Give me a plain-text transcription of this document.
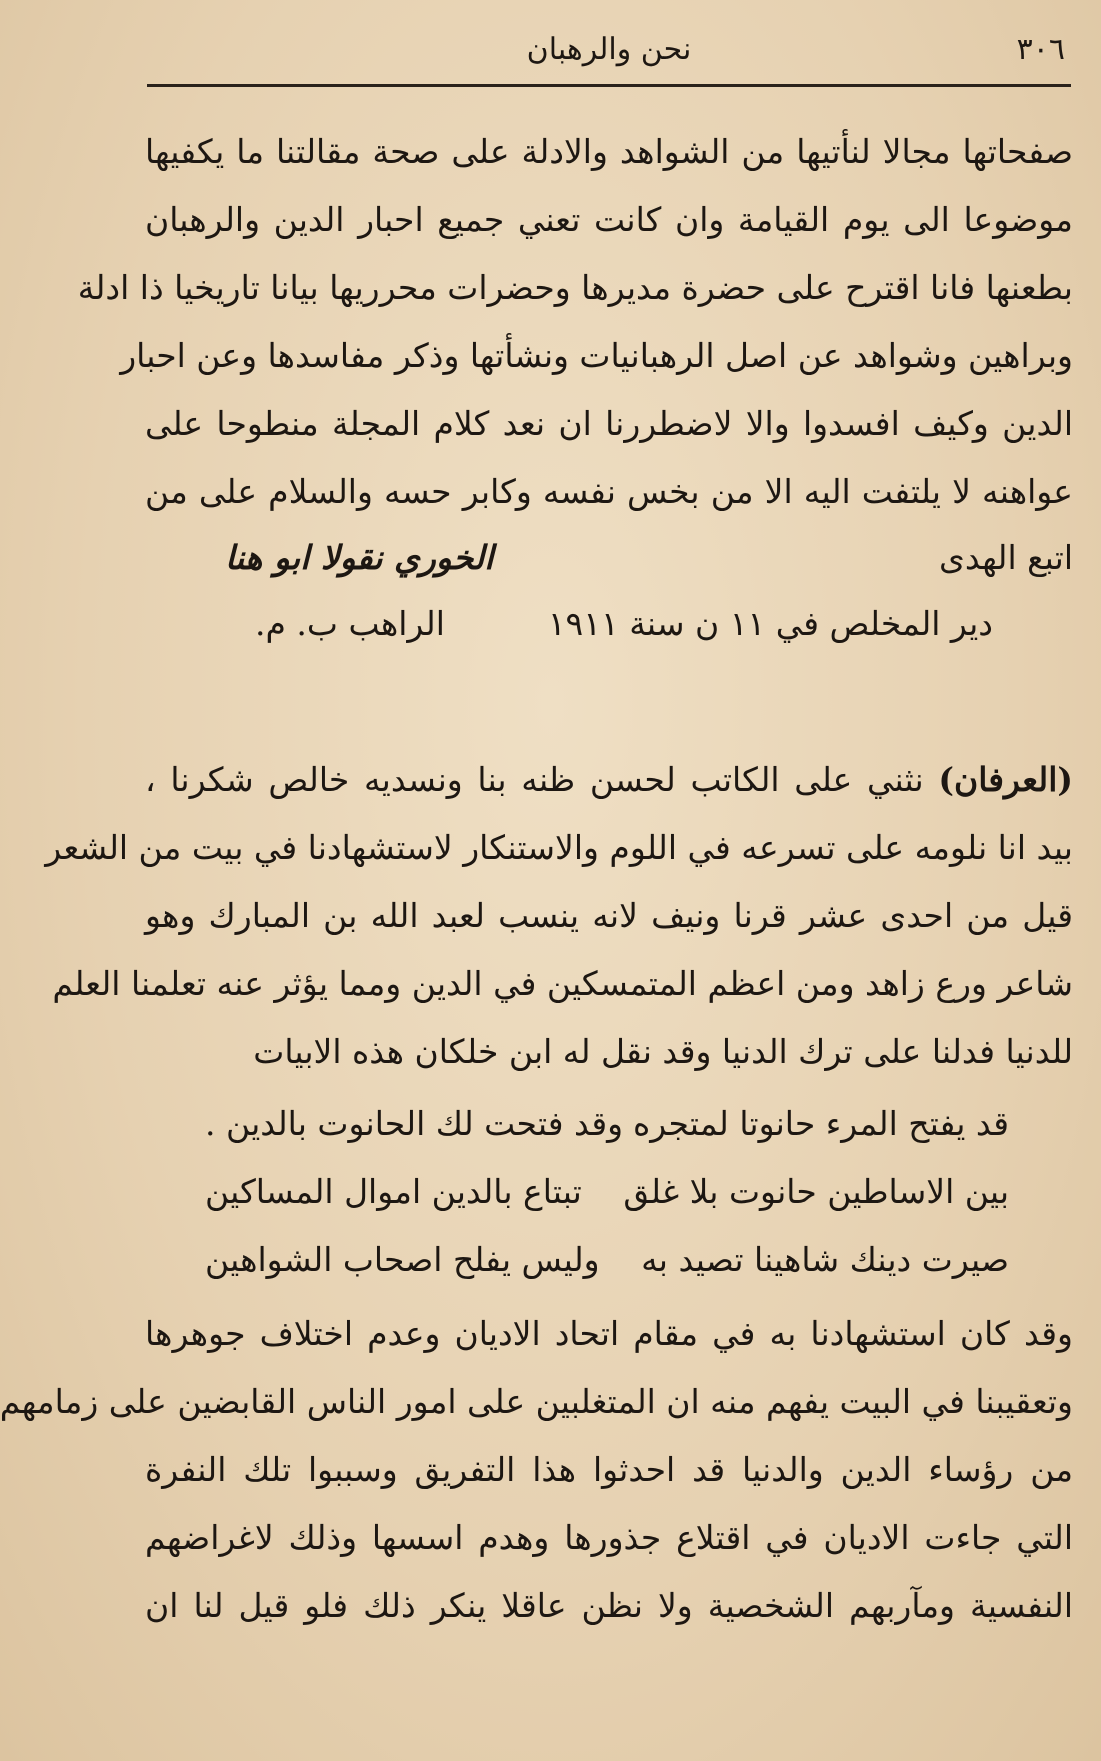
٣٠٦
نحن والرهبان
صفحاتها مجالا لنأتيها من الشواهد والادلة على صحة مقالتنا ما يكفيها
موضوعا الى يوم القيامة وان كانت تعني جميع احبار الدين والرهبان
بطعنها فانا اقترح على حضرة مديرها وحضرات محرريها بيانا تاريخيا ذا ادلة
وبراهين وشواهد عن اصل الرهبانيات ونشأتها وذكر مفاسدها وعن احبار
الدين وكيف افسدوا والا لاضطررنا ان نعد كلام المجلة منطوحا على
عواهنه لا يلتفت اليه الا من بخس نفسه وكابر حسه والسلام على من
اتبع الهدى
الخوري نقولا ابو هنا
دير المخلص في ١١ ن سنة ١٩١١
الراهب ب. م.
(العرفان) نثني على الكاتب لحسن ظنه بنا ونسديه خالص شكرنا ،
بيد انا نلومه على تسرعه في اللوم والاستنكار لاستشهادنا في بيت من الشعر
قيل من احدى عشر قرنا ونيف لانه ينسب لعبد الله بن المبارك وهو
شاعر ورع زاهد ومن اعظم المتمسكين في الدين ومما يؤثر عنه تعلمنا العلم
للدنيا فدلنا على ترك الدنيا وقد نقل له ابن خلكان هذه الابيات
قد يفتح المرء حانوتا لمتجره
وقد فتحت لك الحانوت بالدين .
بين الاساطين حانوت بلا غلق
تبتاع بالدين اموال المساكين
صيرت دينك شاهينا تصيد به
وليس يفلح اصحاب الشواهين
وقد كان استشهادنا به في مقام اتحاد الاديان وعدم اختلاف جوهرها
وتعقيبنا في البيت يفهم منه ان المتغلبين على امور الناس القابضين على زمامهم
من رؤساء الدين والدنيا قد احدثوا هذا التفريق وسببوا تلك النفرة
التي جاءت الاديان في اقتلاع جذورها وهدم اسسها وذلك لاغراضهم
النفسية ومآربهم الشخصية ولا نظن عاقلا ينكر ذلك فلو قيل لنا ان
